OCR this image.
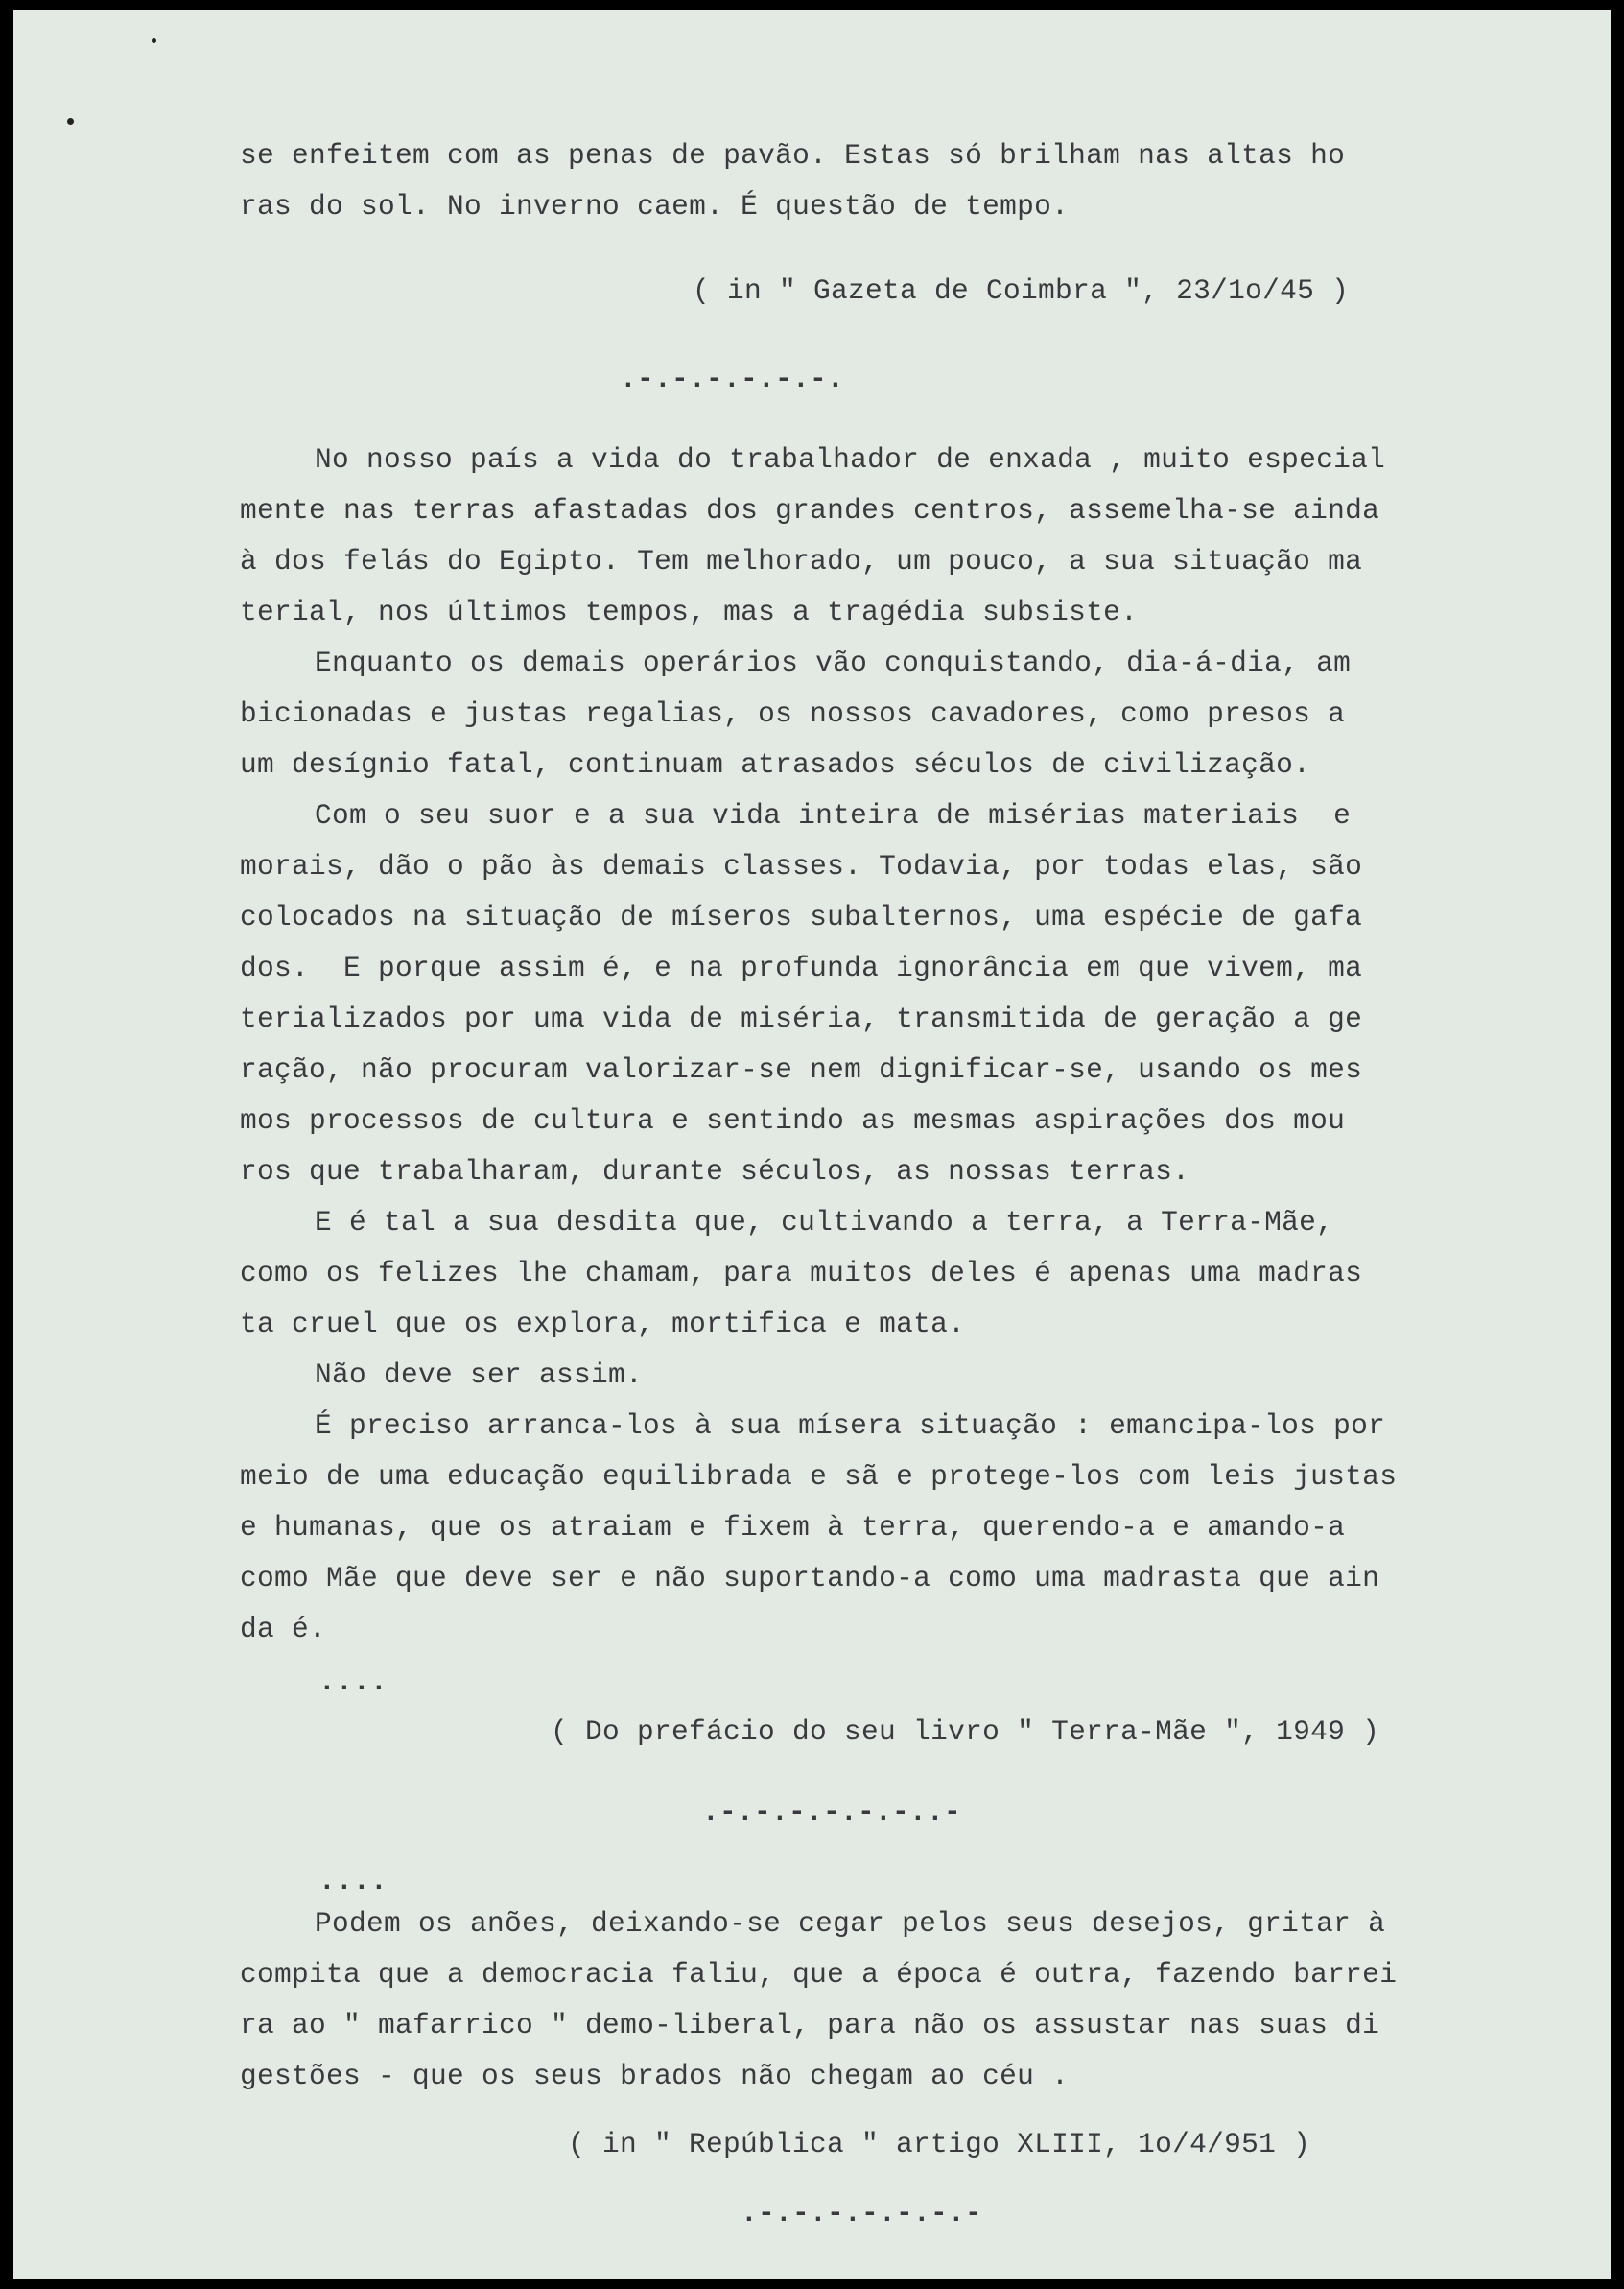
se enfeitem com as penas de pavão. Estas só brilham nas altas ho
ras do sol. No inverno caem. É questão de tempo.
( in " Gazeta de Coimbra ", 23/1o/45 )
.-.-.-.-.-.-.
No nosso país a vida do trabalhador de enxada , muito especial
mente nas terras afastadas dos grandes centros, assemelha-se ainda
à dos felás do Egipto. Tem melhorado, um pouco, a sua situação ma
terial, nos últimos tempos, mas a tragédia subsiste.
Enquanto os demais operários vão conquistando, dia-á-dia, am
bicionadas e justas regalias, os nossos cavadores, como presos a
um desígnio fatal, continuam atrasados séculos de civilização.
Com o seu suor e a sua vida inteira de misérias materiais  e
morais, dão o pão às demais classes. Todavia, por todas elas, são
colocados na situação de míseros subalternos, uma espécie de gafa
dos.  E porque assim é, e na profunda ignorância em que vivem, ma
terializados por uma vida de miséria, transmitida de geração a ge
ração, não procuram valorizar-se nem dignificar-se, usando os mes
mos processos de cultura e sentindo as mesmas aspirações dos mou
ros que trabalharam, durante séculos, as nossas terras.
E é tal a sua desdita que, cultivando a terra, a Terra-Mãe,
como os felizes lhe chamam, para muitos deles é apenas uma madras
ta cruel que os explora, mortifica e mata.
Não deve ser assim.
É preciso arranca-los à sua mísera situação : emancipa-los por
meio de uma educação equilibrada e sã e protege-los com leis justas
e humanas, que os atraiam e fixem à terra, querendo-a e amando-a
como Mãe que deve ser e não suportando-a como uma madrasta que ain
da é.
....
( Do prefácio do seu livro " Terra-Mãe ", 1949 )
.-.-.-.-.-.-..-
....
Podem os anões, deixando-se cegar pelos seus desejos, gritar à
compita que a democracia faliu, que a época é outra, fazendo barrei
ra ao " mafarrico " demo-liberal, para não os assustar nas suas di
gestões - que os seus brados não chegam ao céu .
( in " República " artigo XLIII, 1o/4/951 )
.-.-.-.-.-.-.-
